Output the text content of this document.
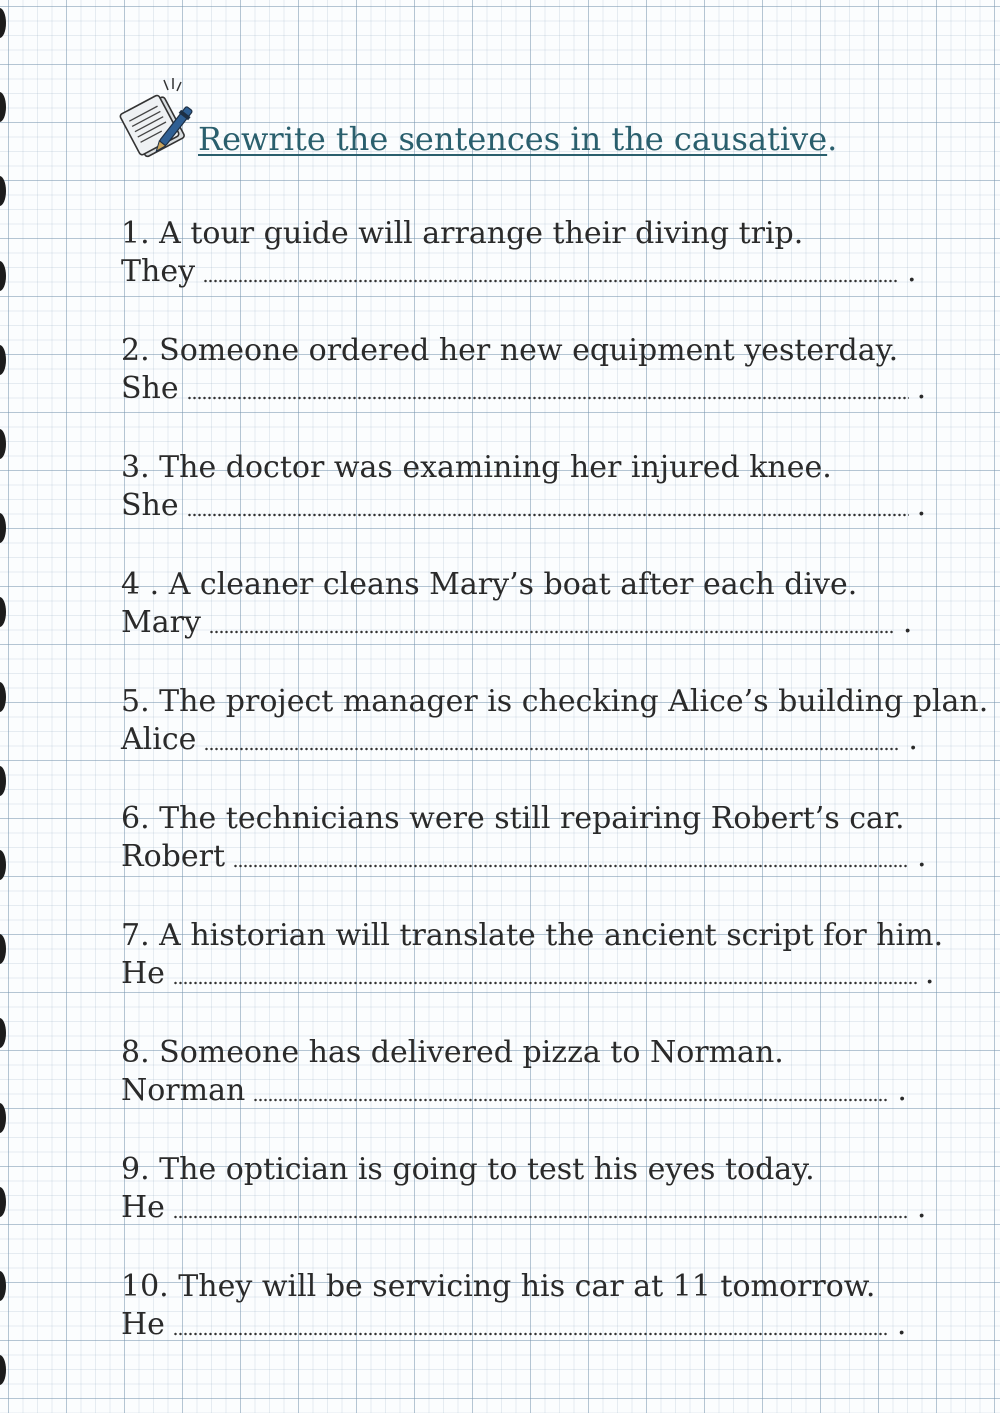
Rewrite the sentences in the causative.
1. A tour guide will arrange their diving trip.
They	.
2. Someone ordered her new equipment yesterday.
She	.
3. The doctor was examining her injured knee.
She	.
4 . A cleaner cleans Mary’s boat after each dive.
Mary	.
5. The project manager is checking Alice’s building plan.
Alice	.
6. The technicians were still repairing Robert’s car.
Robert	.
7. A historian will translate the ancient script for him.
He	.
8. Someone has delivered pizza to Norman.
Norman	.
9. The optician is going to test his eyes today.
He	.
10. They will be servicing his car at 11 tomorrow.
He	.
